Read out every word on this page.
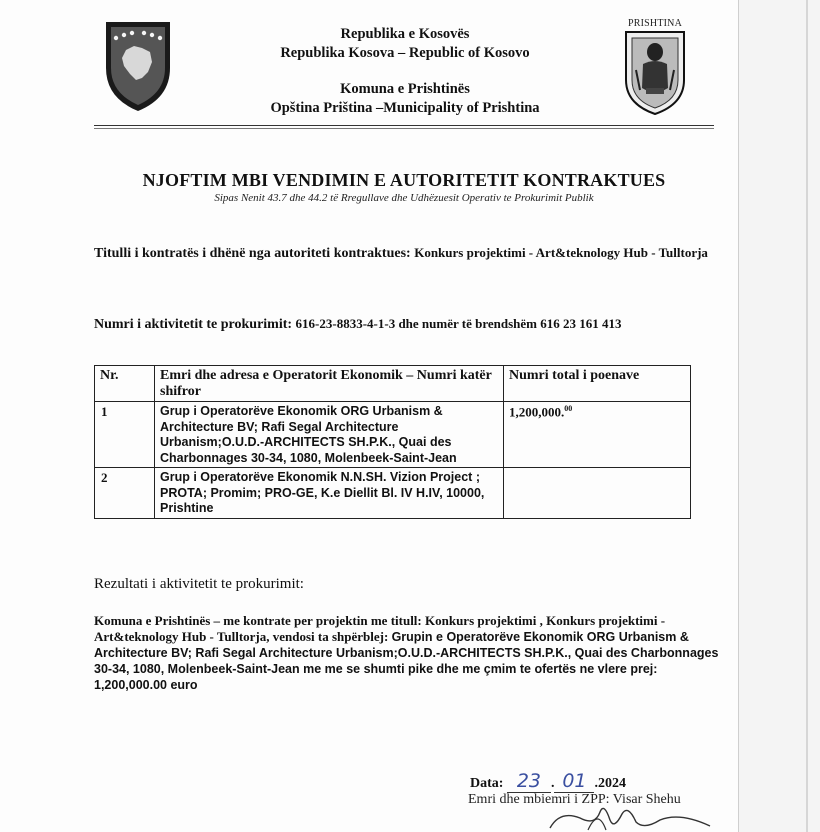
Republika e Kosovës
Republika Kosova – Republic of Kosovo
Komuna e Prishtinës
Opština Priština –Municipality of Prishtina
PRISHTINA
NJOFTIM MBI VENDIMIN E AUTORITETIT KONTRAKTUES
Sipas Nenit 43.7 dhe 44.2 të Rregullave dhe Udhëzuesit Operativ te Prokurimit Publik
Titulli i kontratës i dhënë nga autoriteti kontraktues: Konkurs projektimi - Art&teknology Hub - Tulltorja
Numri i aktivitetit te prokurimit: 616-23-8833-4-1-3 dhe numër të brendshëm 616 23 161 413
Nr.	Emri dhe adresa e Operatorit Ekonomik – Numri katër shifror	Numri total i poenave
1	Grup i Operatorëve Ekonomik ORG Urbanism & Architecture BV; Rafi Segal Architecture Urbanism;O.U.D.-ARCHITECTS SH.P.K., Quai des Charbonnages 30-34, 1080, Molenbeek-Saint-Jean	1,200,000.00
2	Grup i Operatorëve Ekonomik N.N.SH. Vizion Project ; PROTA; Promim; PRO-GE, K.e Diellit Bl. IV H.IV, 10000, Prishtine	
Rezultati i aktivitetit te prokurimit:
Komuna e Prishtinës – me kontrate per projektin me titull: Konkurs projektimi , Konkurs projektimi - Art&teknology Hub - Tulltorja, vendosi ta shpërblej: Grupin e Operatorëve Ekonomik ORG Urbanism & Architecture BV; Rafi Segal Architecture Urbanism;O.U.D.-ARCHITECTS SH.P.K., Quai des Charbonnages 30-34, 1080, Molenbeek-Saint-Jean me me se shumti pike dhe me çmim te ofertës ne vlere prej: 1,200,000.00 euro
Data: 23 . 01 .2024
Emri dhe mbiemri i ZPP: Visar Shehu
